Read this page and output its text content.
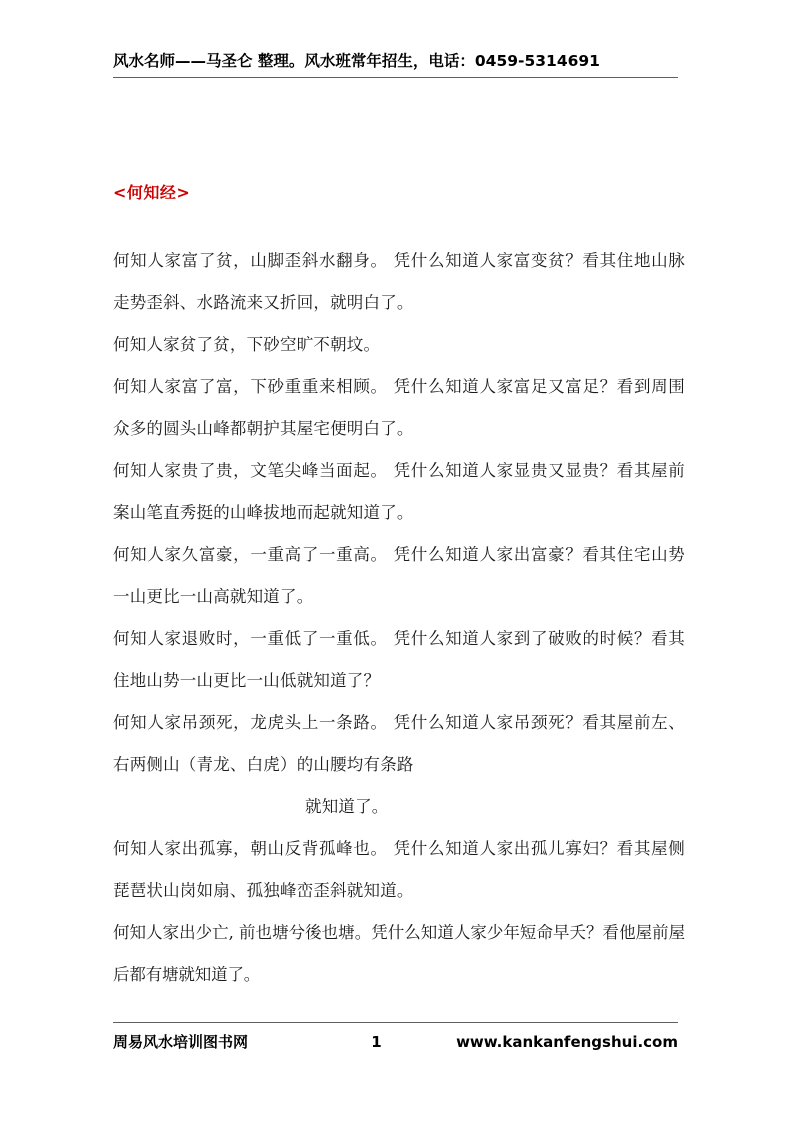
风水名师——马圣仑 整理。风水班常年招生，电话：0459-5314691
<何知经>

何知人家富了贫，山脚歪斜水翻身。 凭什么知道人家富变贫？看其住地山脉走势歪斜、水路流来又折回，就明白了。

何知人家贫了贫，下砂空旷不朝坟。

何知人家富了富，下砂重重来相顾。 凭什么知道人家富足又富足？看到周围众多的圆头山峰都朝护其屋宅便明白了。

何知人家贵了贵，文笔尖峰当面起。 凭什么知道人家显贵又显贵？看其屋前案山笔直秀挺的山峰拔地而起就知道了。

何知人家久富豪，一重高了一重高。 凭什么知道人家出富豪？看其住宅山势一山更比一山高就知道了。

何知人家退败时，一重低了一重低。 凭什么知道人家到了破败的时候？看其住地山势一山更比一山低就知道了？

何知人家吊颈死，龙虎头上一条路。 凭什么知道人家吊颈死？看其屋前左、右两侧山（青龙、白虎）的山腰均有条路

就知道了。

何知人家出孤寡，朝山反背孤峰也。 凭什么知道人家出孤儿寡妇？看其屋侧琵琶状山岗如扇、孤独峰峦歪斜就知道。

何知人家出少亡, 前也塘兮後也塘。凭什么知道人家少年短命早夭？看他屋前屋后都有塘就知道了。

周易风水培训图书网	1	www.kankanfengshui.com
